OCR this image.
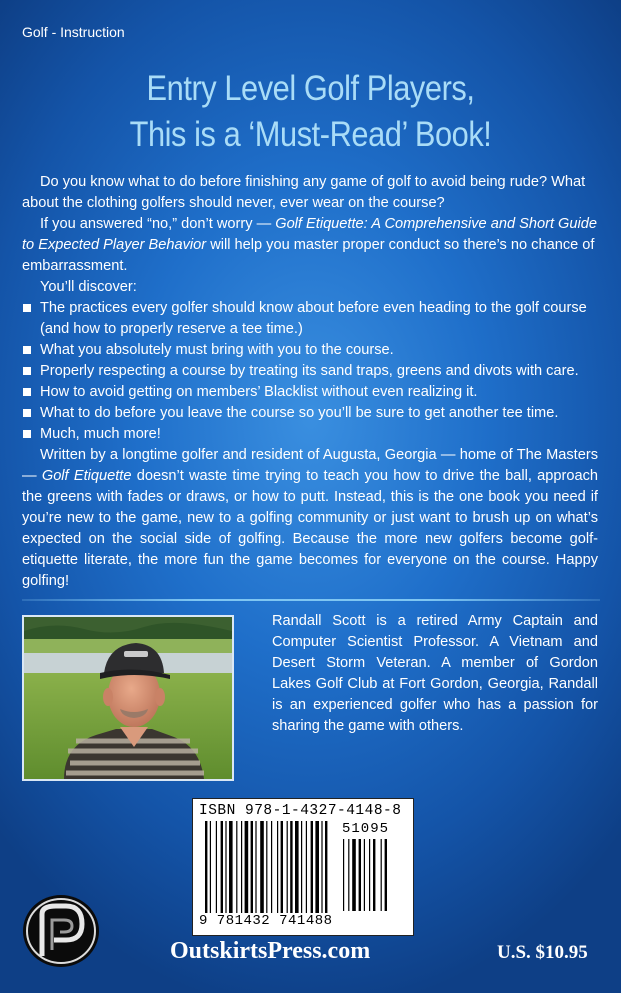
Golf - Instruction
Entry Level Golf Players,
This is a ‘Must-Read’ Book!

Do you know what to do before finishing any game of golf to avoid being rude? What about the clothing golfers should never, ever wear on the course?

If you answered “no,” don’t worry — Golf Etiquette: A Comprehensive and Short Guide to Expected Player Behavior will help you master proper conduct so there’s no chance of embarrassment.

You’ll discover:

The practices every golfer should know about before even heading to the golf course (and how to properly reserve a tee time.)
What you absolutely must bring with you to the course.
Properly respecting a course by treating its sand traps, greens and divots with care.
How to avoid getting on members’ Blacklist without even realizing it.
What to do before you leave the course so you’ll be sure to get another tee time.
Much, much more!

Written by a longtime golfer and resident of Augusta, Georgia — home of The Masters — Golf Etiquette doesn’t waste time trying to teach you how to drive the ball, approach the greens with fades or draws, or how to putt. Instead, this is the one book you need if you’re new to the game, new to a golfing community or just want to brush up on what’s expected on the social side of golfing. Because the more new golfers become golf-etiquette literate, the more fun the game becomes for everyone on the course. Happy golfing!

Randall Scott is a retired Army Captain and Computer Scientist Professor. A Vietnam and Desert Storm Veteran. A member of Gordon Lakes Golf Club at Fort Gordon, Georgia, Randall is an experienced golfer who has a passion for sharing the game with others.
ISBN 978-1-4327-4148-8
51095
9 781432 741488
OutskirtsPress.com	U.S. $10.95
